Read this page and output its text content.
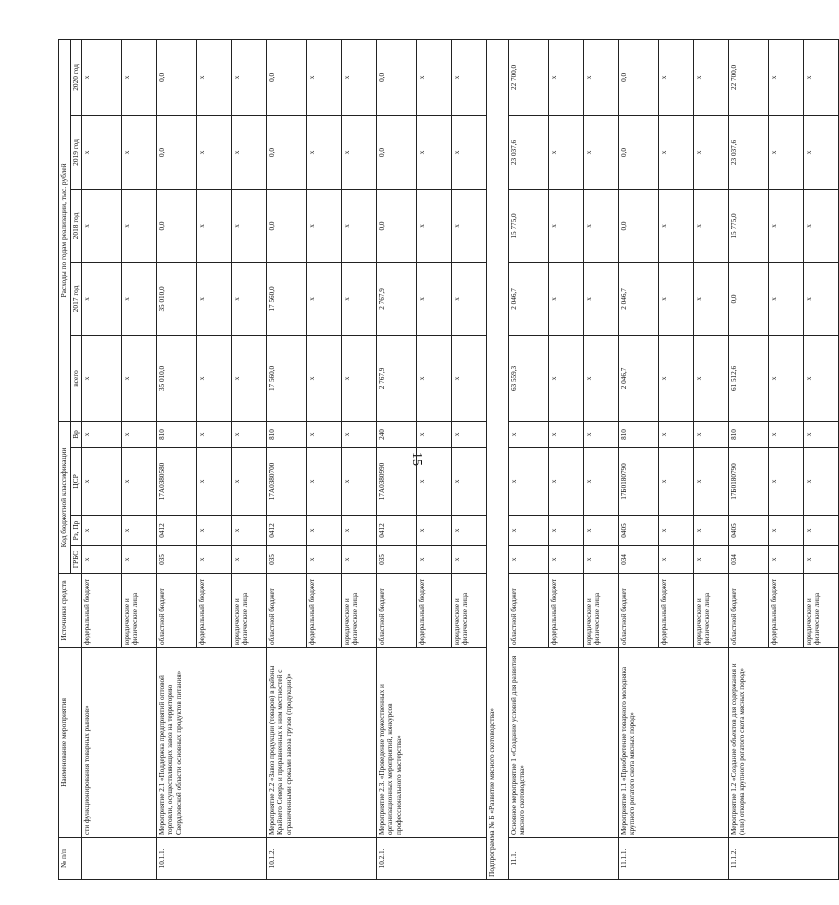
15
№ п/п	Наименование мероприятия	Источники средств	Код бюджетной классификации				Расходы по годам реализации, тыс. рублей				
			ГРБС	Рз, Пр	ЦСР	Вр	всего	2017 год	2018 год	2019 год	2020 год
	сти функционирования товарных рынков»	федеральный бюджет	х	х	х	х	х	х	х	х	х
		юридические и физические лица	х	х	х	х	х	х	х	х	х
10.1.1.	Мероприятие 2.1 «Поддержка предприятий оптовой торговли, осуществляющих завоз на территорию Свердловской области основных продуктов питания»	областной бюджет	035	0412	17А0380580	810	35 010,0	35 010,0	0,0	0,0	0,0
		федеральный бюджет	х	х	х	х	х	х	х	х	х
		юридические и физические лица	х	х	х	х	х	х	х	х	х
10.1.2.	Мероприятие 2.2 «Завоз продукции (товаров) в районы Крайнего Севера и приравненных к ним местностей с ограниченными сроками завоза грузов (продукции)»	областной бюджет	035	0412	17А0380700	810	17 560,0	17 560,0	0,0	0,0	0,0
		федеральный бюджет	х	х	х	х	х	х	х	х	х
		юридические и физические лица	х	х	х	х	х	х	х	х	х
10.2.1.	Мероприятие 2.3. «Проведение торжественных и организационных мероприятий, конкурсов профессионального мастерства»	областной бюджет	035	0412	17А0380990	240	2 767,9	2 767,9	0,0	0,0	0,0
		федеральный бюджет	х	х	х	х	х	х	х	х	х
		юридические и физические лица	х	х	х	х	х	х	х	х	х
Подпрограмма № Б «Развитие мясного скотоводства»											
11.1.	Основное мероприятие 1 «Создание условий для развития мясного скотоводства»	областной бюджет	х	х	х	х	63 559,3	2 046,7	15 775,0	23 037,6	22 700,0
		федеральный бюджет	х	х	х	х	х	х	х	х	х
		юридические и физические лица	х	х	х	х	х	х	х	х	х
11.1.1.	Мероприятие 1.1 «Приобретение товарного молодняка крупного рогатого скота мясных пород»	областной бюджет	034	0405	17Б0180790	810	2 046,7	2 046,7	0,0	0,0	0,0
		федеральный бюджет	х	х	х	х	х	х	х	х	х
		юридические и физические лица	х	х	х	х	х	х	х	х	х
11.1.2.	Мероприятие 1.2 «Создание объектов для содержания и (или) откорма крупного рогатого скота мясных пород»	областной бюджет	034	0405	17Б0180790	810	61 512,6	0,0	15 775,0	23 037,6	22 700,0
		федеральный бюджет	х	х	х	х	х	х	х	х	х
		юридические и физические лица	х	х	х	х	х	х	х	х	х
